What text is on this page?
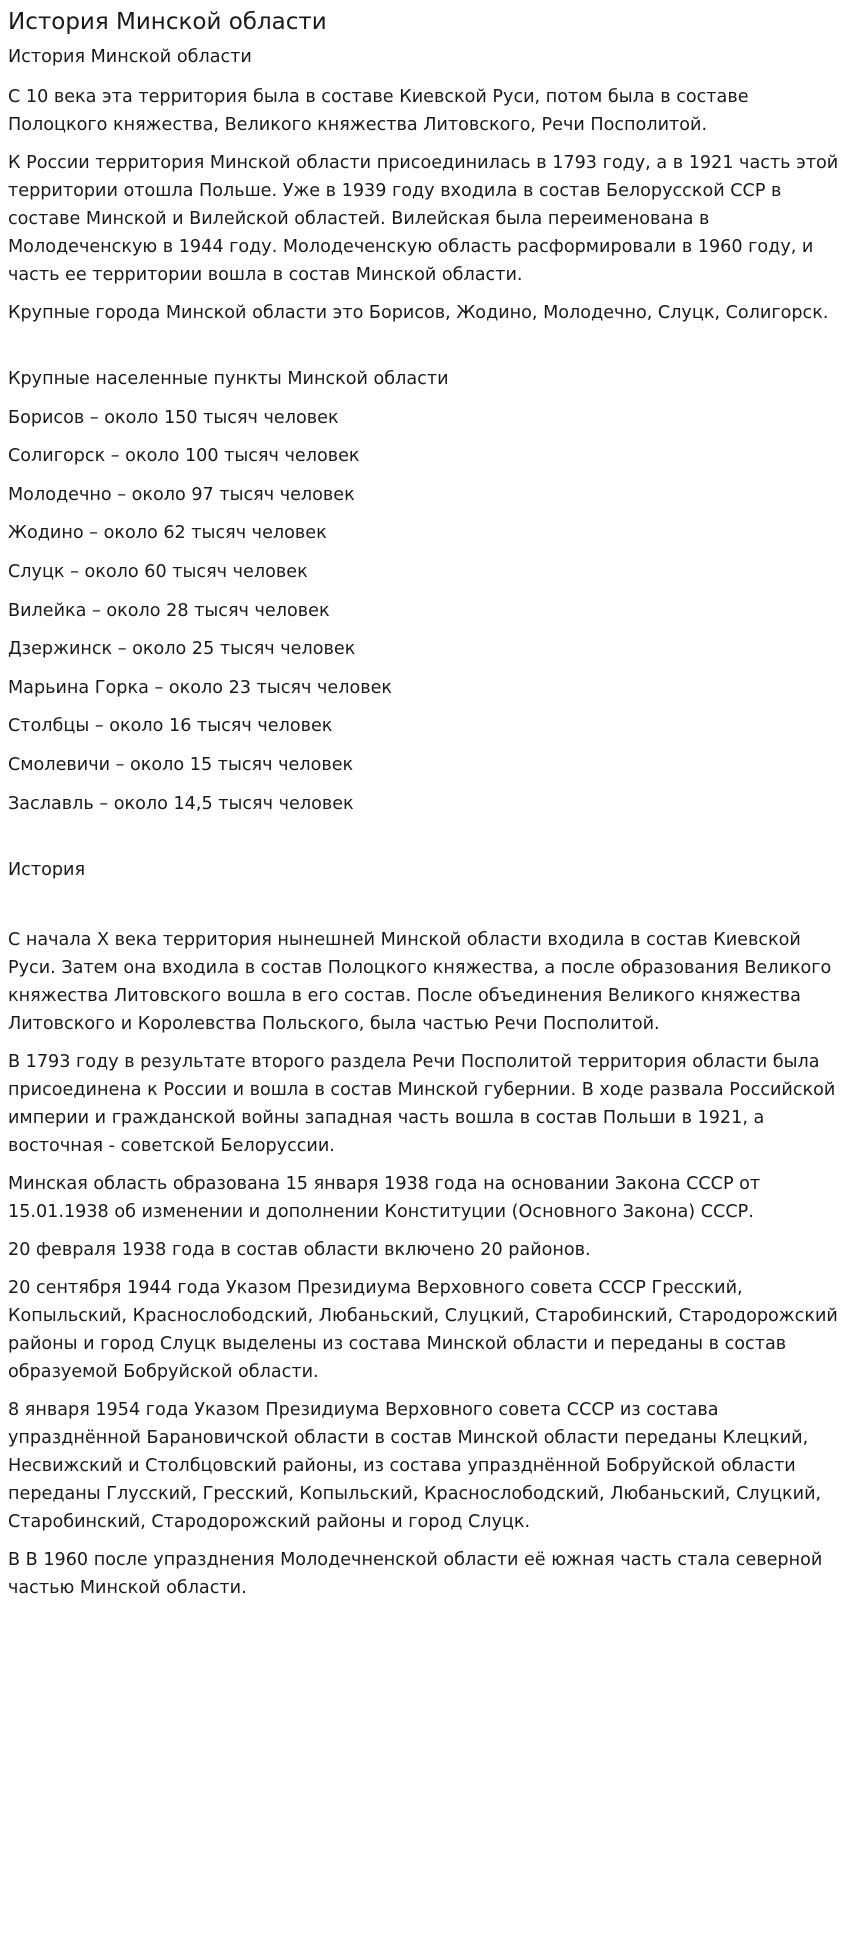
История Минской области

История Минской области

С 10 века эта территория была в составе Киевской Руси, потом была в составе Полоцкого княжества, Великого княжества Литовского, Речи Посполитой.

К России территория Минской области присоединилась в 1793 году, а в 1921 часть этой территории отошла Польше. Уже в 1939 году входила в состав Белорусской ССР в составе Минской и Вилейской областей. Вилейская была переименована в Молодеченскую в 1944 году. Молодеченскую область расформировали в 1960 году, и часть ее территории вошла в состав Минской области.

Крупные города Минской области это Борисов, Жодино, Молодечно, Слуцк, Солигорск.

Крупные населенные пункты Минской области

Борисов – около 150 тысяч человек

Солигорск – около 100 тысяч человек

Молодечно – около 97 тысяч человек

Жодино – около 62 тысяч человек

Слуцк – около 60 тысяч человек

Вилейка – около 28 тысяч человек

Дзержинск – около 25 тысяч человек

Марьина Горка – около 23 тысяч человек

Столбцы – около 16 тысяч человек

Смолевичи – около 15 тысяч человек

Заславль – около 14,5 тысяч человек

История

С начала X века территория нынешней Минской области входила в состав Киевской Руси. Затем она входила в состав Полоцкого княжества, а после образования Великого княжества Литовского вошла в его состав. После объединения Великого княжества Литовского и Королевства Польского, была частью Речи Посполитой.

В 1793 году в результате второго раздела Речи Посполитой территория области была присоединена к России и вошла в состав Минской губернии. В ходе развала Российской империи и гражданской войны западная часть вошла в состав Польши в 1921, а восточная - советской Белоруссии.

Минская область образована 15 января 1938 года на основании Закона СССР от 15.01.1938 об изменении и дополнении Конституции (Основного Закона) СССР.

20 февраля 1938 года в состав области включено 20 районов.

20 сентября 1944 года Указом Президиума Верховного совета СССР Гресский, Копыльский, Краснослободский, Любаньский, Слуцкий, Старобинский, Стародорожский районы и город Слуцк выделены из состава Минской области и переданы в состав образуемой Бобруйской области.

8 января 1954 года Указом Президиума Верховного совета СССР из состава упразднённой Барановичской области в состав Минской области переданы Клецкий, Несвижский и Столбцовский районы, из состава упразднённой Бобруйской области переданы Глусский, Гресский, Копыльский, Краснослободский, Любаньский, Слуцкий, Старобинский, Стародорожский районы и город Слуцк.

В В 1960 после упразднения Молодечненской области её южная часть стала северной частью Минской области.
